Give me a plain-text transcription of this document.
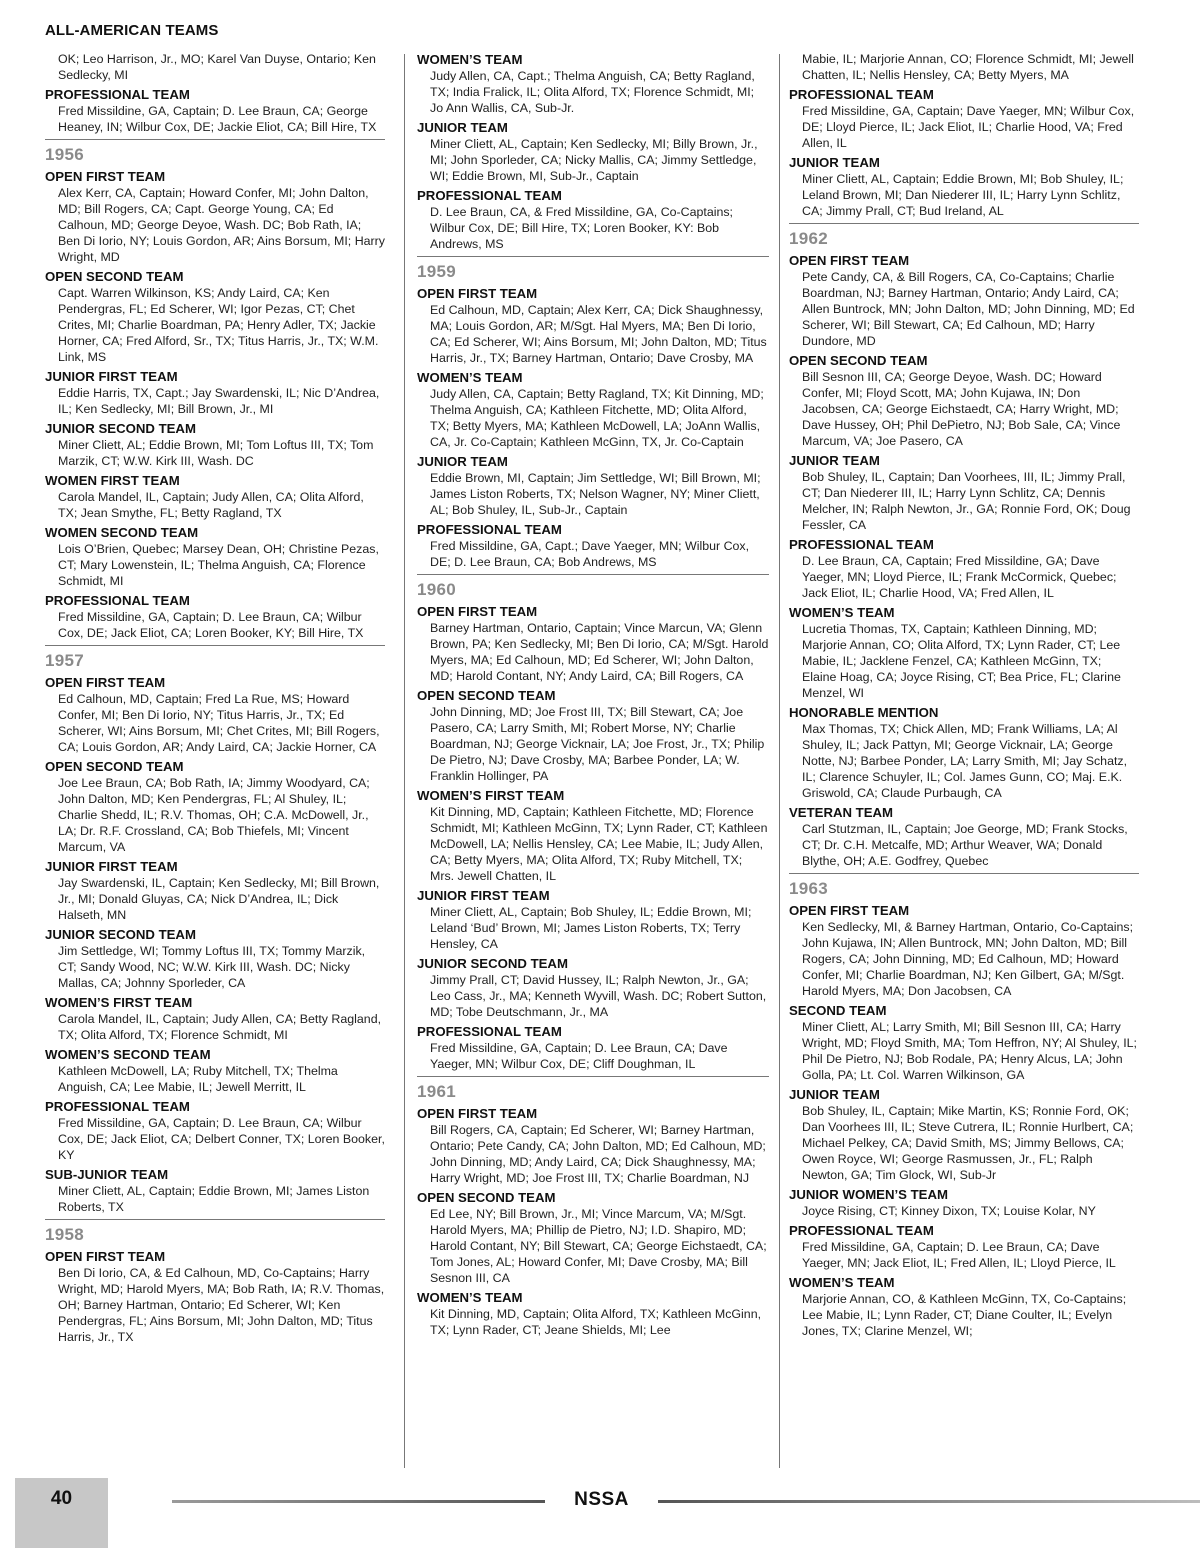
ALL-AMERICAN TEAMS
OK; Leo Harrison, Jr., MO; Karel Van Duyse, Ontario; Ken Sedlecky, MI
PROFESSIONAL TEAM
Fred Missildine, GA, Captain; D. Lee Braun, CA; George Heaney, IN; Wilbur Cox, DE; Jackie Eliot, CA; Bill Hire, TX
1956
OPEN FIRST TEAM
Alex Kerr, CA, Captain; Howard Confer, MI; John Dalton, MD; Bill Rogers, CA; Capt. George Young, CA; Ed Calhoun, MD; George Deyoe, Wash. DC; Bob Rath, IA; Ben Di Iorio, NY; Louis Gordon, AR; Ains Borsum, MI; Harry Wright, MD
OPEN SECOND TEAM
Capt. Warren Wilkinson, KS; Andy Laird, CA; Ken Pendergras, FL; Ed Scherer, WI; Igor Pezas, CT; Chet Crites, MI; Charlie Boardman, PA; Henry Adler, TX; Jackie Horner, CA; Fred Alford, Sr., TX; Titus Harris, Jr., TX; W.M. Link, MS
JUNIOR FIRST TEAM
Eddie Harris, TX, Capt.; Jay Swardenski, IL; Nic D’Andrea, IL; Ken Sedlecky, MI; Bill Brown, Jr., MI
JUNIOR SECOND TEAM
Miner Cliett, AL; Eddie Brown, MI; Tom Loftus III, TX; Tom Marzik, CT; W.W. Kirk III, Wash. DC
WOMEN FIRST TEAM
Carola Mandel, IL, Captain; Judy Allen, CA; Olita Alford, TX; Jean Smythe, FL; Betty Ragland, TX
WOMEN SECOND TEAM
Lois O’Brien, Quebec; Marsey Dean, OH; Christine Pezas, CT; Mary Lowenstein, IL; Thelma Anguish, CA; Florence Schmidt, MI
PROFESSIONAL TEAM
Fred Missildine, GA, Captain; D. Lee Braun, CA; Wilbur Cox, DE; Jack Eliot, CA; Loren Booker, KY; Bill Hire, TX
1957
OPEN FIRST TEAM
Ed Calhoun, MD, Captain; Fred La Rue, MS; Howard Confer, MI; Ben Di Iorio, NY; Titus Harris, Jr., TX; Ed Scherer, WI; Ains Borsum, MI; Chet Crites, MI; Bill Rogers, CA; Louis Gordon, AR; Andy Laird, CA; Jackie Horner, CA
OPEN SECOND TEAM
Joe Lee Braun, CA; Bob Rath, IA; Jimmy Woodyard, CA; John Dalton, MD; Ken Pendergras, FL; Al Shuley, IL; Charlie Shedd, IL; R.V. Thomas, OH; C.A. McDowell, Jr., LA; Dr. R.F. Crossland, CA; Bob Thiefels, MI; Vincent Marcum, VA
JUNIOR FIRST TEAM
Jay Swardenski, IL, Captain; Ken Sedlecky, MI; Bill Brown, Jr., MI; Donald Gluyas, CA; Nick D’Andrea, IL; Dick Halseth, MN
JUNIOR SECOND TEAM
Jim Settledge, WI; Tommy Loftus III, TX; Tommy Marzik, CT; Sandy Wood, NC; W.W. Kirk III, Wash. DC; Nicky Mallas, CA; Johnny Sporleder, CA
WOMEN’S FIRST TEAM
Carola Mandel, IL, Captain; Judy Allen, CA; Betty Ragland, TX; Olita Alford, TX; Florence Schmidt, MI
WOMEN’S SECOND TEAM
Kathleen McDowell, LA; Ruby Mitchell, TX; Thelma Anguish, CA; Lee Mabie, IL; Jewell Merritt, IL
PROFESSIONAL TEAM
Fred Missildine, GA, Captain; D. Lee Braun, CA; Wilbur Cox, DE; Jack Eliot, CA; Delbert Conner, TX; Loren Booker, KY
SUB-JUNIOR TEAM
Miner Cliett, AL, Captain; Eddie Brown, MI; James Liston Roberts, TX
1958
OPEN FIRST TEAM
Ben Di Iorio, CA, & Ed Calhoun, MD, Co-Captains; Harry Wright, MD; Harold Myers, MA; Bob Rath, IA; R.V. Thomas, OH; Barney Hartman, Ontario; Ed Scherer, WI; Ken Pendergras, FL; Ains Borsum, MI; John Dalton, MD; Titus Harris, Jr., TX
WOMEN’S TEAM
Judy Allen, CA, Capt.; Thelma Anguish, CA; Betty Ragland, TX; India Fralick, IL; Olita Alford, TX; Florence Schmidt, MI; Jo Ann Wallis, CA, Sub-Jr.
JUNIOR TEAM
Miner Cliett, AL, Captain; Ken Sedlecky, MI; Billy Brown, Jr., MI; John Sporleder, CA; Nicky Mallis, CA; Jimmy Settledge, WI; Eddie Brown, MI, Sub-Jr., Captain
PROFESSIONAL TEAM
D. Lee Braun, CA, & Fred Missildine, GA, Co-Captains; Wilbur Cox, DE; Bill Hire, TX; Loren Booker, KY: Bob Andrews, MS
1959
OPEN FIRST TEAM
Ed Calhoun, MD, Captain; Alex Kerr, CA; Dick Shaughnessy, MA; Louis Gordon, AR; M/Sgt. Hal Myers, MA; Ben Di Iorio, CA; Ed Scherer, WI; Ains Borsum, MI; John Dalton, MD; Titus Harris, Jr., TX; Barney Hartman, Ontario; Dave Crosby, MA
WOMEN’S TEAM
Judy Allen, CA, Captain; Betty Ragland, TX; Kit Dinning, MD; Thelma Anguish, CA; Kathleen Fitchette, MD; Olita Alford, TX; Betty Myers, MA; Kathleen McDowell, LA; JoAnn Wallis, CA, Jr. Co-Captain; Kathleen McGinn, TX, Jr. Co-Captain
JUNIOR TEAM
Eddie Brown, MI, Captain; Jim Settledge, WI; Bill Brown, MI; James Liston Roberts, TX; Nelson Wagner, NY; Miner Cliett, AL; Bob Shuley, IL, Sub-Jr., Captain
PROFESSIONAL TEAM
Fred Missildine, GA, Capt.; Dave Yaeger, MN; Wilbur Cox, DE; D. Lee Braun, CA; Bob Andrews, MS
1960
OPEN FIRST TEAM
Barney Hartman, Ontario, Captain; Vince Marcun, VA; Glenn Brown, PA; Ken Sedlecky, MI; Ben Di Iorio, CA; M/Sgt. Harold Myers, MA; Ed Calhoun, MD; Ed Scherer, WI; John Dalton, MD; Harold Contant, NY; Andy Laird, CA; Bill Rogers, CA
OPEN SECOND TEAM
John Dinning, MD; Joe Frost III, TX; Bill Stewart, CA; Joe Pasero, CA; Larry Smith, MI; Robert Morse, NY; Charlie Boardman, NJ; George Vicknair, LA; Joe Frost, Jr., TX; Philip De Pietro, NJ; Dave Crosby, MA; Barbee Ponder, LA; W. Franklin Hollinger, PA
WOMEN’S FIRST TEAM
Kit Dinning, MD, Captain; Kathleen Fitchette, MD; Florence Schmidt, MI; Kathleen McGinn, TX; Lynn Rader, CT; Kathleen McDowell, LA; Nellis Hensley, CA; Lee Mabie, IL; Judy Allen, CA; Betty Myers, MA; Olita Alford, TX; Ruby Mitchell, TX; Mrs. Jewell Chatten, IL
JUNIOR FIRST TEAM
Miner Cliett, AL, Captain; Bob Shuley, IL; Eddie Brown, MI; Leland ‘Bud’ Brown, MI; James Liston Roberts, TX; Terry Hensley, CA
JUNIOR SECOND TEAM
Jimmy Prall, CT; David Hussey, IL; Ralph Newton, Jr., GA; Leo Cass, Jr., MA; Kenneth Wyvill, Wash. DC; Robert Sutton, MD; Tobe Deutschmann, Jr., MA
PROFESSIONAL TEAM
Fred Missildine, GA, Captain; D. Lee Braun, CA; Dave Yaeger, MN; Wilbur Cox, DE; Cliff Doughman, IL
1961
OPEN FIRST TEAM
Bill Rogers, CA, Captain; Ed Scherer, WI; Barney Hartman, Ontario; Pete Candy, CA; John Dalton, MD; Ed Calhoun, MD; John Dinning, MD; Andy Laird, CA; Dick Shaughnessy, MA; Harry Wright, MD; Joe Frost III, TX; Charlie Boardman, NJ
OPEN SECOND TEAM
Ed Lee, NY; Bill Brown, Jr., MI; Vince Marcum, VA; M/Sgt. Harold Myers, MA; Phillip de Pietro, NJ; I.D. Shapiro, MD; Harold Contant, NY; Bill Stewart, CA; George Eichstaedt, CA; Tom Jones, AL; Howard Confer, MI; Dave Crosby, MA; Bill Sesnon III, CA
WOMEN’S TEAM
Kit Dinning, MD, Captain; Olita Alford, TX; Kathleen McGinn, TX; Lynn Rader, CT; Jeane Shields, MI; Lee
Mabie, IL; Marjorie Annan, CO; Florence Schmidt, MI; Jewell Chatten, IL; Nellis Hensley, CA; Betty Myers, MA
PROFESSIONAL TEAM
Fred Missildine, GA, Captain; Dave Yaeger, MN; Wilbur Cox, DE; Lloyd Pierce, IL; Jack Eliot, IL; Charlie Hood, VA; Fred Allen, IL
JUNIOR TEAM
Miner Cliett, AL, Captain; Eddie Brown, MI; Bob Shuley, IL; Leland Brown, MI; Dan Niederer III, IL; Harry Lynn Schlitz, CA; Jimmy Prall, CT; Bud Ireland, AL
1962
OPEN FIRST TEAM
Pete Candy, CA, & Bill Rogers, CA, Co-Captains; Charlie Boardman, NJ; Barney Hartman, Ontario; Andy Laird, CA; Allen Buntrock, MN; John Dalton, MD; John Dinning, MD; Ed Scherer, WI; Bill Stewart, CA; Ed Calhoun, MD; Harry Dundore, MD
OPEN SECOND TEAM
Bill Sesnon III, CA; George Deyoe, Wash. DC; Howard Confer, MI; Floyd Scott, MA; John Kujawa, IN; Don Jacobsen, CA; George Eichstaedt, CA; Harry Wright, MD; Dave Hussey, OH; Phil DePietro, NJ; Bob Sale, CA; Vince Marcum, VA; Joe Pasero, CA
JUNIOR TEAM
Bob Shuley, IL, Captain; Dan Voorhees, III, IL; Jimmy Prall, CT; Dan Niederer III, IL; Harry Lynn Schlitz, CA; Dennis Melcher, IN; Ralph Newton, Jr., GA; Ronnie Ford, OK; Doug Fessler, CA
PROFESSIONAL TEAM
D. Lee Braun, CA, Captain; Fred Missildine, GA; Dave Yaeger, MN; Lloyd Pierce, IL; Frank McCormick, Quebec; Jack Eliot, IL; Charlie Hood, VA; Fred Allen, IL
WOMEN’S TEAM
Lucretia Thomas, TX, Captain; Kathleen Dinning, MD; Marjorie Annan, CO; Olita Alford, TX; Lynn Rader, CT; Lee Mabie, IL; Jacklene Fenzel, CA; Kathleen McGinn, TX; Elaine Hoag, CA; Joyce Rising, CT; Bea Price, FL; Clarine Menzel, WI
HONORABLE MENTION
Max Thomas, TX; Chick Allen, MD; Frank Williams, LA; Al Shuley, IL; Jack Pattyn, MI; George Vicknair, LA; George Notte, NJ; Barbee Ponder, LA; Larry Smith, MI; Jay Schatz, IL; Clarence Schuyler, IL; Col. James Gunn, CO; Maj. E.K. Griswold, CA; Claude Purbaugh, CA
VETERAN TEAM
Carl Stutzman, IL, Captain; Joe George, MD; Frank Stocks, CT; Dr. C.H. Metcalfe, MD; Arthur Weaver, WA; Donald Blythe, OH; A.E. Godfrey, Quebec
1963
OPEN FIRST TEAM
Ken Sedlecky, MI, & Barney Hartman, Ontario, Co-Captains; John Kujawa, IN; Allen Buntrock, MN; John Dalton, MD; Bill Rogers, CA; John Dinning, MD; Ed Calhoun, MD; Howard Confer, MI; Charlie Boardman, NJ; Ken Gilbert, GA; M/Sgt. Harold Myers, MA; Don Jacobsen, CA
SECOND TEAM
Miner Cliett, AL; Larry Smith, MI; Bill Sesnon III, CA; Harry Wright, MD; Floyd Smith, MA; Tom Heffron, NY; Al Shuley, IL; Phil De Pietro, NJ; Bob Rodale, PA; Henry Alcus, LA; John Golla, PA; Lt. Col. Warren Wilkinson, GA
JUNIOR TEAM
Bob Shuley, IL, Captain; Mike Martin, KS; Ronnie Ford, OK; Dan Voorhees III, IL; Steve Cutrera, IL; Ronnie Hurlbert, CA; Michael Pelkey, CA; David Smith, MS; Jimmy Bellows, CA; Owen Royce, WI; George Rasmussen, Jr., FL; Ralph Newton, GA; Tim Glock, WI, Sub-Jr
JUNIOR WOMEN’S TEAM
Joyce Rising, CT; Kinney Dixon, TX; Louise Kolar, NY
PROFESSIONAL TEAM
Fred Missildine, GA, Captain; D. Lee Braun, CA; Dave Yaeger, MN; Jack Eliot, IL; Fred Allen, IL; Lloyd Pierce, IL
WOMEN’S TEAM
Marjorie Annan, CO, & Kathleen McGinn, TX, Co-Captains; Lee Mabie, IL; Lynn Rader, CT; Diane Coulter, IL; Evelyn Jones, TX; Clarine Menzel, WI;
40	NSSA
